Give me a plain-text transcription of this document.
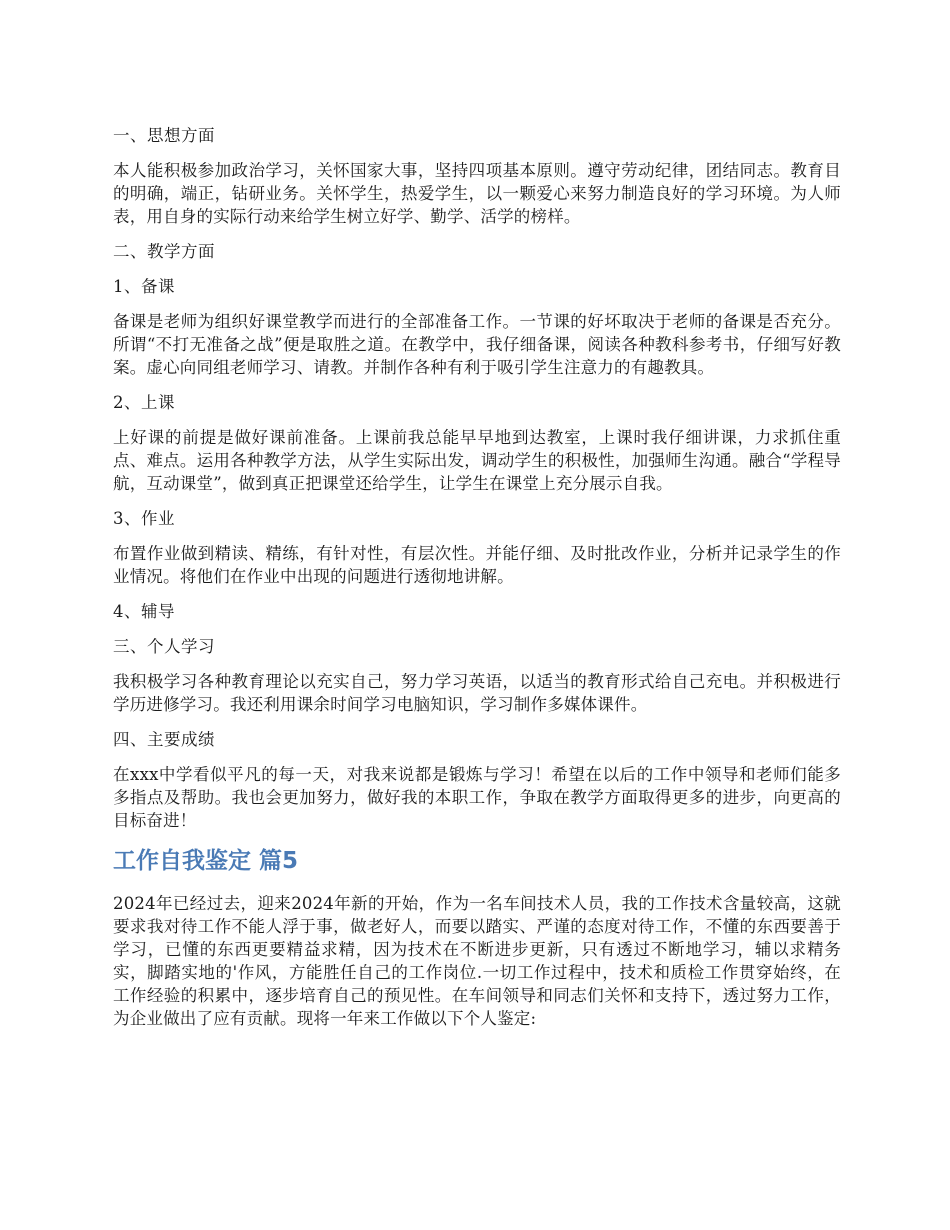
一、思想方面
本人能积极参加政治学习，关怀国家大事，坚持四项基本原则。遵守劳动纪律，团结同志。教育目的明确，端正，钻研业务。关怀学生，热爱学生，以一颗爱心来努力制造良好的学习环境。为人师表，用自身的实际行动来给学生树立好学、勤学、活学的榜样。
二、教学方面
1、备课
备课是老师为组织好课堂教学而进行的全部准备工作。一节课的好坏取决于老师的备课是否充分。所谓“不打无准备之战”便是取胜之道。在教学中，我仔细备课，阅读各种教科参考书，仔细写好教案。虚心向同组老师学习、请教。并制作各种有利于吸引学生注意力的有趣教具。
2、上课
上好课的前提是做好课前准备。上课前我总能早早地到达教室，上课时我仔细讲课，力求抓住重点、难点。运用各种教学方法，从学生实际出发，调动学生的积极性，加强师生沟通。融合“学程导航，互动课堂”，做到真正把课堂还给学生，让学生在课堂上充分展示自我。
3、作业
布置作业做到精读、精练，有针对性，有层次性。并能仔细、及时批改作业，分析并记录学生的作业情况。将他们在作业中出现的问题进行透彻地讲解。
4、辅导
三、个人学习
我积极学习各种教育理论以充实自己，努力学习英语，以适当的教育形式给自己充电。并积极进行学历进修学习。我还利用课余时间学习电脑知识，学习制作多媒体课件。
四、主要成绩
在xxx中学看似平凡的每一天，对我来说都是锻炼与学习！希望在以后的工作中领导和老师们能多多指点及帮助。我也会更加努力，做好我的本职工作，争取在教学方面取得更多的进步，向更高的目标奋进！
工作自我鉴定 篇5
2024年已经过去，迎来2024年新的开始，作为一名车间技术人员，我的工作技术含量较高，这就要求我对待工作不能人浮于事，做老好人，而要以踏实、严谨的态度对待工作，不懂的东西要善于学习，已懂的东西更要精益求精，因为技术在不断进步更新，只有透过不断地学习，辅以求精务实，脚踏实地的'作风，方能胜任自己的工作岗位.一切工作过程中，技术和质检工作贯穿始终，在工作经验的积累中，逐步培育自己的预见性。在车间领导和同志们关怀和支持下，透过努力工作，为企业做出了应有贡献。现将一年来工作做以下个人鉴定:
